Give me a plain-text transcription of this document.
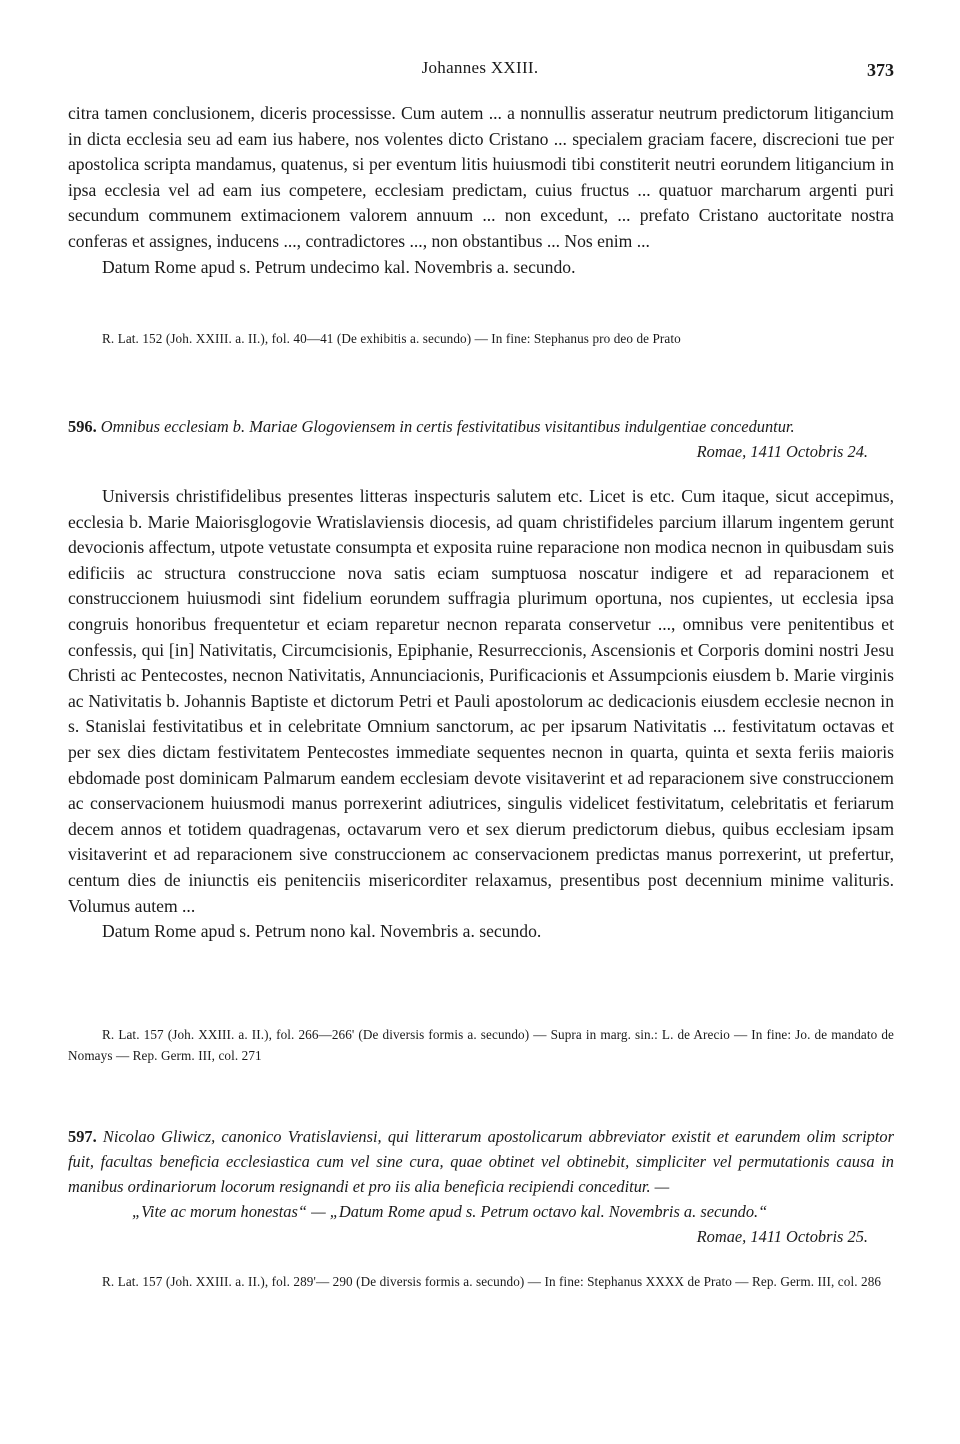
Johannes XXIII.	373

citra tamen conclusionem, diceris processisse. Cum autem ... a nonnullis asseratur neutrum predictorum litigancium in dicta ecclesia seu ad eam ius habere, nos volentes dicto Cristano ... specialem graciam facere, discrecioni tue per apostolica scripta mandamus, quatenus, si per eventum litis huiusmodi tibi constiterit neutri eorundem litigancium in ipsa ecclesia vel ad eam ius competere, ecclesiam predictam, cuius fructus ... quatuor marcharum argenti puri secundum communem extimacionem valorem annuum ... non excedunt, ... prefato Cristano auctoritate nostra conferas et assignes, inducens ..., contradictores ..., non obstantibus ... Nos enim ...

Datum Rome apud s. Petrum undecimo kal. Novembris a. secundo.

R. Lat. 152 (Joh. XXIII. a. II.), fol. 40—41 (De exhibitis a. secundo) — In fine: Stephanus pro deo de Prato

596. Omnibus ecclesiam b. Mariae Glogoviensem in certis festivitatibus visitantibus indulgentiae conceduntur.

Romae, 1411 Octobris 24.

Universis christifidelibus presentes litteras inspecturis salutem etc. Licet is etc. Cum itaque, sicut accepimus, ecclesia b. Marie Maiorisglogovie Wratislaviensis diocesis, ad quam christifideles parcium illarum ingentem gerunt devocionis affectum, utpote vetustate consumpta et exposita ruine reparacione non modica necnon in quibusdam suis edificiis ac structura construccione nova satis eciam sumptuosa noscatur indigere et ad reparacionem et construccionem huiusmodi sint fidelium eorundem suffragia plurimum oportuna, nos cupientes, ut ecclesia ipsa congruis honoribus frequentetur et eciam reparetur necnon reparata conservetur ..., omnibus vere penitentibus et confessis, qui [in] Nativitatis, Circumcisionis, Epiphanie, Resurreccionis, Ascensionis et Corporis domini nostri Jesu Christi ac Pentecostes, necnon Nativitatis, Annunciacionis, Purificacionis et Assumpcionis eiusdem b. Marie virginis ac Nativitatis b. Johannis Baptiste et dictorum Petri et Pauli apostolorum ac dedicacionis eiusdem ecclesie necnon in s. Stanislai festivitatibus et in celebritate Omnium sanctorum, ac per ipsarum Nativitatis ... festivitatum octavas et per sex dies dictam festivitatem Pentecostes immediate sequentes necnon in quarta, quinta et sexta feriis maioris ebdomade post dominicam Palmarum eandem ecclesiam devote visitaverint et ad reparacionem sive construccionem ac conservacionem huiusmodi manus porrexerint adiutrices, singulis videlicet festivitatum, celebritatis et feriarum decem annos et totidem quadragenas, octavarum vero et sex dierum predictorum diebus, quibus ecclesiam ipsam visitaverint et ad reparacionem sive construccionem ac conservacionem predictas manus porrexerint, ut prefertur, centum dies de iniunctis eis penitenciis misericorditer relaxamus, presentibus post decennium minime valituris. Volumus autem ...

Datum Rome apud s. Petrum nono kal. Novembris a. secundo.

R. Lat. 157 (Joh. XXIII. a. II.), fol. 266—266' (De diversis formis a. secundo) — Supra in marg. sin.: L. de Arecio — In fine: Jo. de mandato de Nomays — Rep. Germ. III, col. 271

597. Nicolao Gliwicz, canonico Vratislaviensi, qui litterarum apostolicarum abbreviator existit et earundem olim scriptor fuit, facultas beneficia ecclesiastica cum vel sine cura, quae obtinet vel obtinebit, simpliciter vel permutationis causa in manibus ordinariorum locorum resignandi et pro iis alia beneficia recipiendi conceditur. —

„Vite ac morum honestas“ — „Datum Rome apud s. Petrum octavo kal. Novembris a. secundo.“

Romae, 1411 Octobris 25.

R. Lat. 157 (Joh. XXIII. a. II.), fol. 289'— 290 (De diversis formis a. secundo) — In fine: Stephanus XXXX de Prato — Rep. Germ. III, col. 286
